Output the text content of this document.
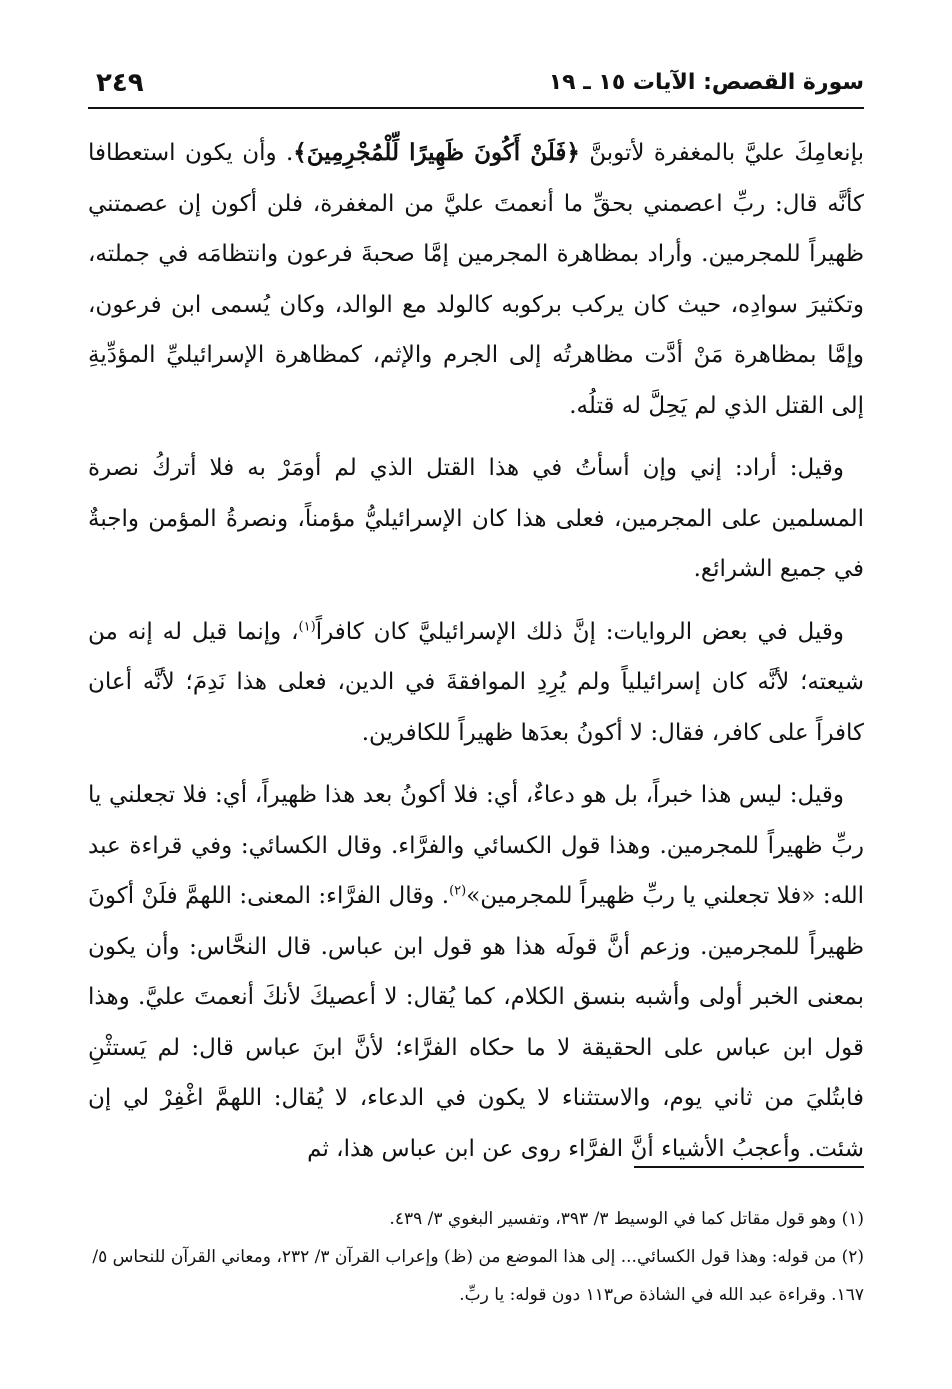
سورة القصص: الآيات ١٥ ـ ١٩
٢٤٩

بإنعامِكَ عليَّ بالمغفرة لأتوبنَّ ﴿فَلَنْ أَكُونَ ظَهِيرًا لِّلْمُجْرِمِينَ﴾. وأن يكون استعطافا كأنَّه قال: ربِّ اعصمني بحقِّ ما أنعمتَ عليَّ من المغفرة، فلن أكون إن عصمتني ظهيراً للمجرمين. وأراد بمظاهرة المجرمين إمَّا صحبةَ فرعون وانتظامَه في جملته، وتكثيرَ سوادِه، حيث كان يركب بركوبه كالولد مع الوالد، وكان يُسمى ابن فرعون، وإمَّا بمظاهرة مَنْ أدَّت مظاهرتُه إلى الجرم والإثم، كمظاهرة الإسرائيليِّ المؤدِّيةِ إلى القتل الذي لم يَحِلَّ له قتلُه.

وقيل: أراد: إني وإن أسأتُ في هذا القتل الذي لم أومَرْ به فلا أتركُ نصرة المسلمين على المجرمين، فعلى هذا كان الإسرائيليُّ مؤمناً، ونصرةُ المؤمن واجبةٌ في جميع الشرائع.

وقيل في بعض الروايات: إنَّ ذلك الإسرائيليَّ كان كافراً$^{(١)}$، وإنما قيل له إنه من شيعته؛ لأنَّه كان إسرائيلياً ولم يُرِدِ الموافقةَ في الدين، فعلى هذا نَدِمَ؛ لأنَّه أعان كافراً على كافر، فقال: لا أكونُ بعدَها ظهيراً للكافرين.

وقيل: ليس هذا خبراً، بل هو دعاءٌ، أي: فلا أكونُ بعد هذا ظهيراً، أي: فلا تجعلني يا ربِّ ظهيراً للمجرمين. وهذا قول الكسائي والفرَّاء. وقال الكسائي: وفي قراءة عبد الله: «فلا تجعلني يا ربِّ ظهيراً للمجرمين»$^{(٢)}$. وقال الفرَّاء: المعنى: اللهمَّ فلَنْ أكونَ ظهيراً للمجرمين. وزعم أنَّ قولَه هذا هو قول ابن عباس. قال النحَّاس: وأن يكون بمعنى الخبر أولى وأشبه بنسق الكلام، كما يُقال: لا أعصيكَ لأنكَ أنعمتَ عليَّ. وهذا قول ابن عباس على الحقيقة لا ما حكاه الفرَّاء؛ لأنَّ ابنَ عباس قال: لم يَستثْنِ فابتُليَ من ثاني يوم، والاستثناء لا يكون في الدعاء، لا يُقال: اللهمَّ اغْفِرْ لي إن شئت. وأعجبُ الأشياء أنَّ الفرَّاء روى عن ابن عباس هذا، ثم

(١) وهو قول مقاتل كما في الوسيط ٣/ ٣٩٣، وتفسير البغوي ٣/ ٤٣٩.

(٢) من قوله: وهذا قول الكسائي... إلى هذا الموضع من (ظ) وإعراب القرآن ٣/ ٢٣٢، ومعاني القرآن للنحاس ٥/ ١٦٧. وقراءة عبد الله في الشاذة ص١١٣ دون قوله: يا ربِّ.
